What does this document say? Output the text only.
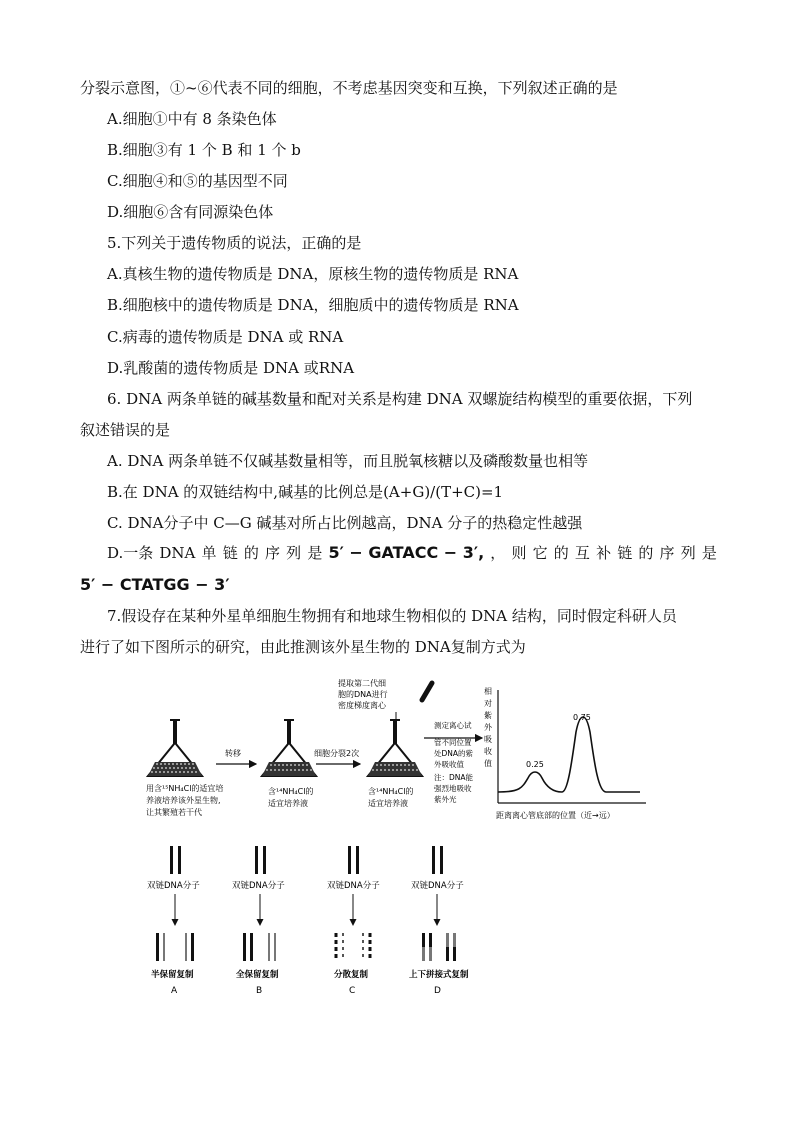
分裂示意图，①~⑥代表不同的细胞，不考虑基因突变和互换，下列叙述正确的是
A.细胞①中有 8 条染色体
B.细胞③有 1 个 B 和 1 个 b
C.细胞④和⑤的基因型不同
D.细胞⑥含有同源染色体
5.下列关于遗传物质的说法，正确的是
A.真核生物的遗传物质是 DNA，原核生物的遗传物质是 RNA
B.细胞核中的遗传物质是 DNA，细胞质中的遗传物质是 RNA
C.病毒的遗传物质是 DNA 或 RNA
D.乳酸菌的遗传物质是 DNA 或RNA
6. DNA 两条单链的碱基数量和配对关系是构建 DNA 双螺旋结构模型的重要依据，下列
叙述错误的是
A. DNA 两条单链不仅碱基数量相等，而且脱氧核糖以及磷酸数量也相等
B.在 DNA 的双链结构中,碱基的比例总是(A+G)/(T+C)=1
C. DNA分子中 C—G 碱基对所占比例越高，DNA 分子的热稳定性越强
D.一条 DNA 单 链 的 序 列 是 5′ − GATACC − 3′, ， 则 它 的 互 补 链 的 序 列 是
5′ − CTATGG − 3′
7.假设存在某种外星单细胞生物拥有和地球生物相似的 DNA 结构，同时假定科研人员
进行了如下图所示的研究，由此推测该外星生物的 DNA复制方式为
用含¹⁵NH₄Cl的适宜培
养液培养该外星生物,
让其繁殖若干代
转移
含¹⁴NH₄Cl的
适宜培养液
细胞分裂2次
含¹⁴NH₄Cl的
适宜培养液
提取第二代细
胞的DNA进行
密度梯度离心
测定离心试
管不同位置
处DNA的紫
外吸收值
注：DNA能
强烈地吸收
紫外光
相
对
紫
外
吸
收
值	0.25
0.75
距离离心管底部的位置（近→远）
双链DNA分子	双链DNA分子	双链DNA分子	双链DNA分子
半保留复制	全保留复制	分散复制	上下拼接式复制
A	B	C	D
